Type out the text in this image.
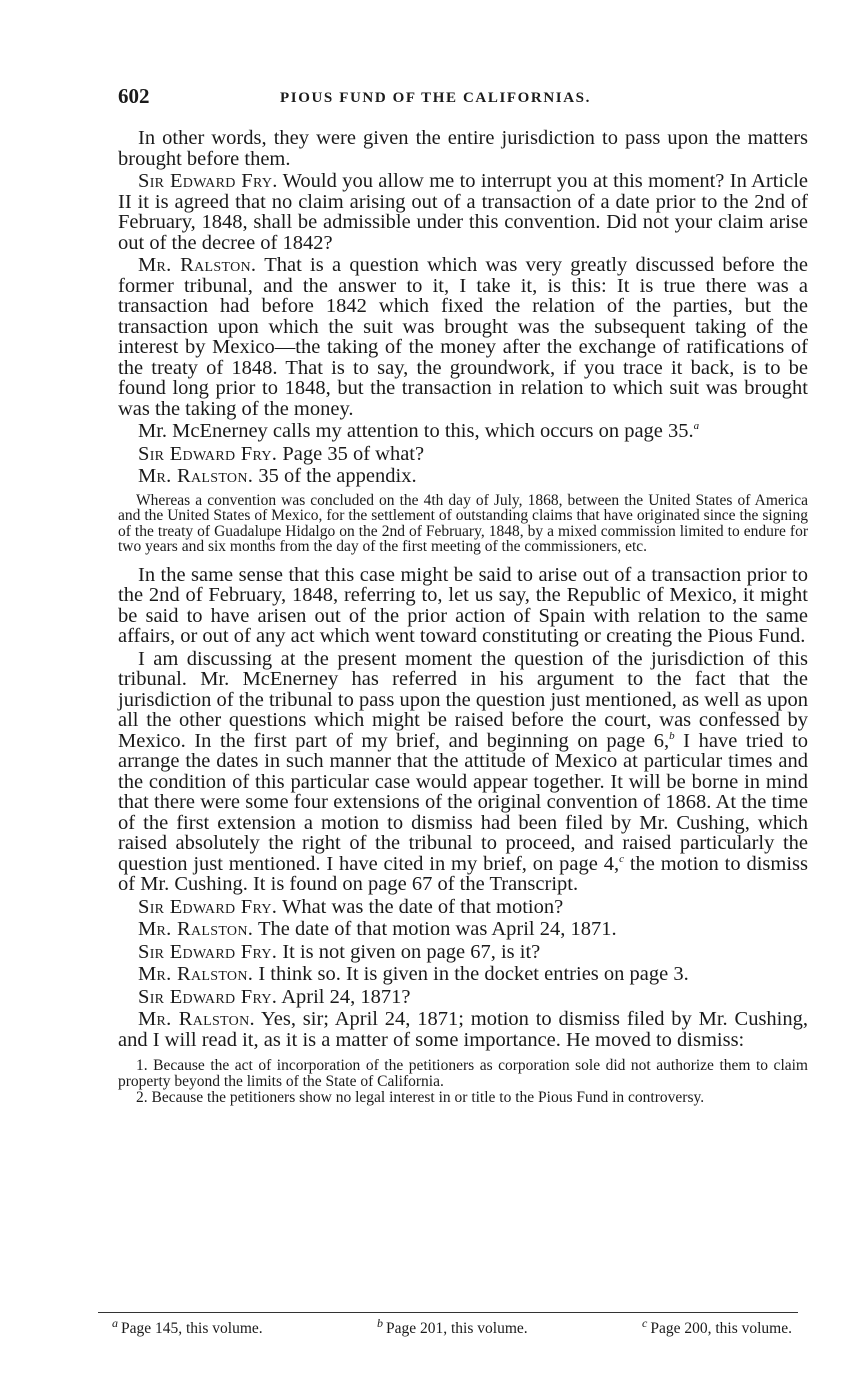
602	PIOUS FUND OF THE CALIFORNIAS.

In other words, they were given the entire jurisdiction to pass upon the matters brought before them.

Sir Edward Fry. Would you allow me to interrupt you at this moment? In Article II it is agreed that no claim arising out of a transaction of a date prior to the 2nd of February, 1848, shall be admissible under this convention. Did not your claim arise out of the decree of 1842?

Mr. Ralston. That is a question which was very greatly discussed before the former tribunal, and the answer to it, I take it, is this: It is true there was a transaction had before 1842 which fixed the relation of the parties, but the transaction upon which the suit was brought was the subsequent taking of the interest by Mexico—the taking of the money after the exchange of ratifications of the treaty of 1848. That is to say, the groundwork, if you trace it back, is to be found long prior to 1848, but the transaction in relation to which suit was brought was the taking of the money.

Mr. McEnerney calls my attention to this, which occurs on page 35.$^a$

Sir Edward Fry. Page 35 of what?

Mr. Ralston. 35 of the appendix.

Whereas a convention was concluded on the 4th day of July, 1868, between the United States of America and the United States of Mexico, for the settlement of outstanding claims that have originated since the signing of the treaty of Guadalupe Hidalgo on the 2nd of February, 1848, by a mixed commission limited to endure for two years and six months from the day of the first meeting of the commissioners, etc.

In the same sense that this case might be said to arise out of a transaction prior to the 2nd of February, 1848, referring to, let us say, the Republic of Mexico, it might be said to have arisen out of the prior action of Spain with relation to the same affairs, or out of any act which went toward constituting or creating the Pious Fund.

I am discussing at the present moment the question of the jurisdiction of this tribunal. Mr. McEnerney has referred in his argument to the fact that the jurisdiction of the tribunal to pass upon the question just mentioned, as well as upon all the other questions which might be raised before the court, was confessed by Mexico. In the first part of my brief, and beginning on page 6,$^b$ I have tried to arrange the dates in such manner that the attitude of Mexico at particular times and the condition of this particular case would appear together. It will be borne in mind that there were some four extensions of the original convention of 1868. At the time of the first extension a motion to dismiss had been filed by Mr. Cushing, which raised absolutely the right of the tribunal to proceed, and raised particularly the question just mentioned. I have cited in my brief, on page 4,$^c$ the motion to dismiss of Mr. Cushing. It is found on page 67 of the Transcript.

Sir Edward Fry. What was the date of that motion?

Mr. Ralston. The date of that motion was April 24, 1871.

Sir Edward Fry. It is not given on page 67, is it?

Mr. Ralston. I think so. It is given in the docket entries on page 3.

Sir Edward Fry. April 24, 1871?

Mr. Ralston. Yes, sir; April 24, 1871; motion to dismiss filed by Mr. Cushing, and I will read it, as it is a matter of some importance. He moved to dismiss:

1. Because the act of incorporation of the petitioners as corporation sole did not authorize them to claim property beyond the limits of the State of California.

2. Because the petitioners show no legal interest in or title to the Pious Fund in controversy.

$^a$ Page 145, this volume.	$^b$ Page 201, this volume.	$^c$ Page 200, this volume.
